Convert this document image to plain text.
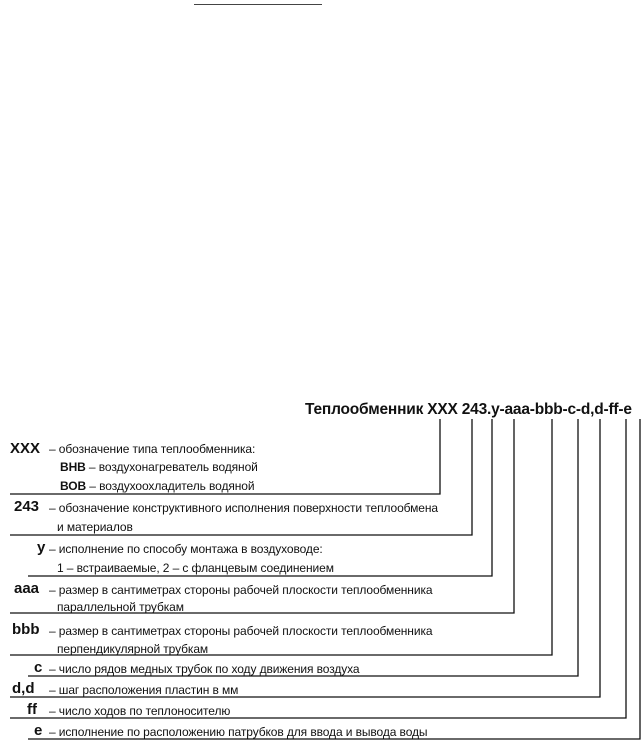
Теплообменник XXX 243.у-ааа-bbb-c-d,d-ff-e
XXX – обозначение типа теплообменника:
ВНВ – воздухонагреватель водяной
ВОВ – воздухоохладитель водяной
243 – обозначение конструктивного исполнения поверхности теплообмена
и материалов
у – исполнение по способу монтажа в воздуховоде:
1 – встраиваемые, 2 – с фланцевым соединением
ааа – размер в сантиметрах стороны рабочей плоскости теплообменника
параллельной трубкам
bbb – размер в сантиметрах стороны рабочей плоскости теплообменника
перпендикулярной трубкам
c – число рядов медных трубок по ходу движения воздуха
d,d – шаг расположения пластин в мм
ff – число ходов по теплоносителю
e – исполнение по расположению патрубков для ввода и вывода воды
